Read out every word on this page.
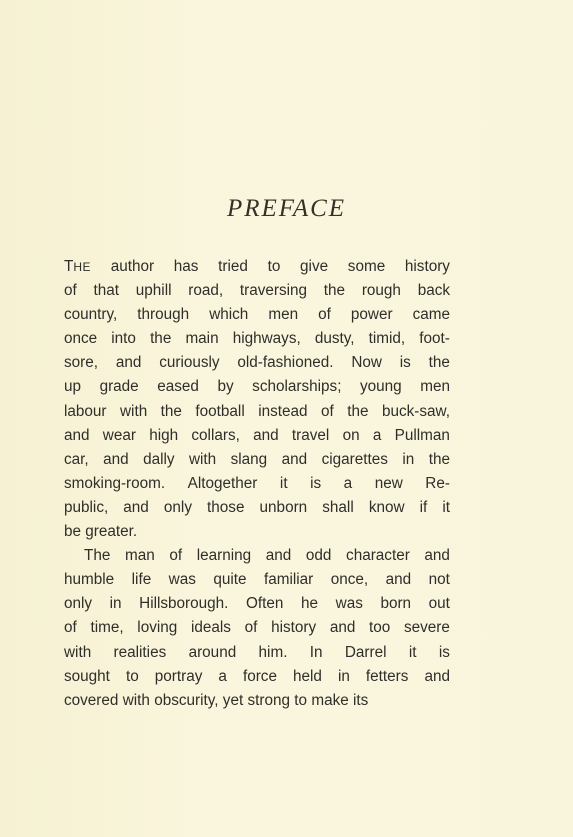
PREFACE
THE author has tried to give some history
of that uphill road, traversing the rough back
country, through which men of power came
once into the main highways, dusty, timid, foot-
sore, and curiously old-fashioned. Now is the
up grade eased by scholarships; young men
labour with the football instead of the buck-saw,
and wear high collars, and travel on a Pullman
car, and dally with slang and cigarettes in the
smoking-room. Altogether it is a new Re-
public, and only those unborn shall know if it
be greater.
The man of learning and odd character and
humble life was quite familiar once, and not
only in Hillsborough. Often he was born out
of time, loving ideals of history and too severe
with realities around him. In Darrel it is
sought to portray a force held in fetters and
covered with obscurity, yet strong to make its
